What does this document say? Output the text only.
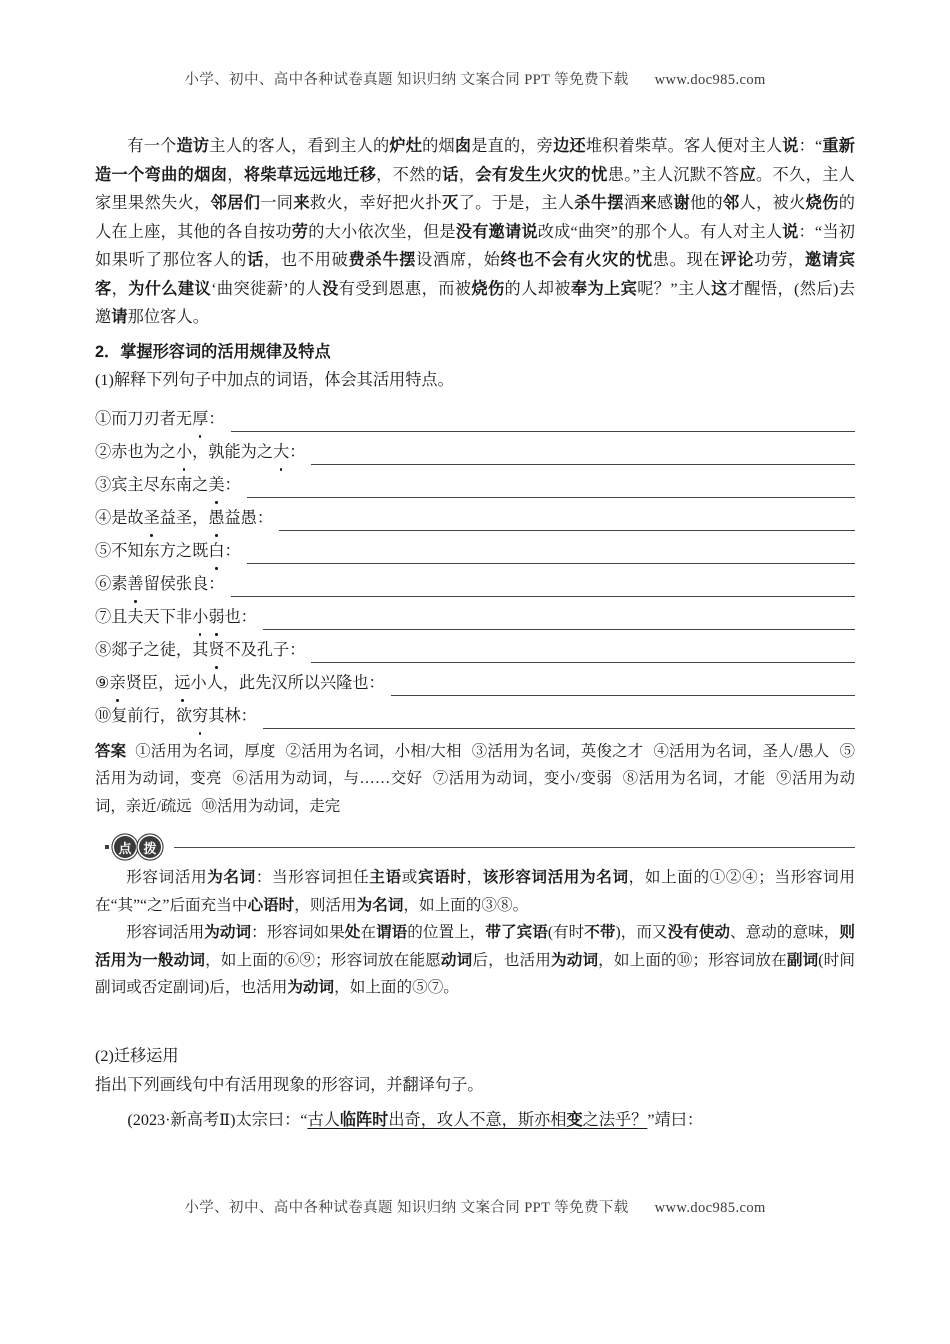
小学、初中、高中各种试卷真题 知识归纳 文案合同 PPT 等免费下载 www.doc985.com

有一个造访主人的客人，看到主人的炉灶的烟囱是直的，旁边还堆积着柴草。客人便对主人说：“重新造一个弯曲的烟囱，将柴草远远地迁移，不然的话，会有发生火灾的忧患。”主人沉默不答应。不久，主人家里果然失火，邻居们一同来救火，幸好把火扑灭了。于是，主人杀牛摆酒来感谢他的邻人，被火烧伤的人在上座，其他的各自按功劳的大小依次坐，但是没有邀请说改成“曲突”的那个人。有人对主人说：“当初如果听了那位客人的话，也不用破费杀牛摆设酒席，始终也不会有火灾的忧患。现在评论功劳，邀请宾客，为什么建议‘曲突徙薪’的人没有受到恩惠，而被烧伤的人却被奉为上宾呢？”主人这才醒悟，(然后)去邀请那位客人。

2．掌握形容词的活用规律及特点

(1)解释下列句子中加点的词语，体会其活用特点。

①而刀刃者无厚：
②赤也为之小，孰能为之大：
③宾主尽东南之美：
④是故圣益圣，愚益愚：
⑤不知东方之既白：
⑥素善留侯张良：
⑦且夫天下非小弱也：
⑧郯子之徒，其贤不及孔子：
⑨亲贤臣，远小人，此先汉所以兴隆也：
⑩复前行，欲穷其林：

答案 ①活用为名词，厚度 ②活用为名词，小相/大相 ③活用为名词，英俊之才 ④活用为名词，圣人/愚人 ⑤活用为动词，变亮 ⑥活用为动词，与……交好 ⑦活用为动词，变小/变弱 ⑧活用为名词，才能 ⑨活用为动词，亲近/疏远 ⑩活用为动词，走完

点 拨

形容词活用为名词：当形容词担任主语或宾语时，该形容词活用为名词，如上面的①②④；当形容词用在“其”“之”后面充当中心语时，则活用为名词，如上面的③⑧。

形容词活用为动词：形容词如果处在谓语的位置上，带了宾语(有时不带)，而又没有使动、意动的意味，则活用为一般动词，如上面的⑥⑨；形容词放在能愿动词后，也活用为动词，如上面的⑩；形容词放在副词(时间副词或否定副词)后，也活用为动词，如上面的⑤⑦。

(2)迁移运用

指出下列画线句中有活用现象的形容词，并翻译句子。

(2023·新高考Ⅱ)太宗曰：“古人临阵时出奇，攻人不意，斯亦相变之法乎？”靖曰：

小学、初中、高中各种试卷真题 知识归纳 文案合同 PPT 等免费下载 www.doc985.com
